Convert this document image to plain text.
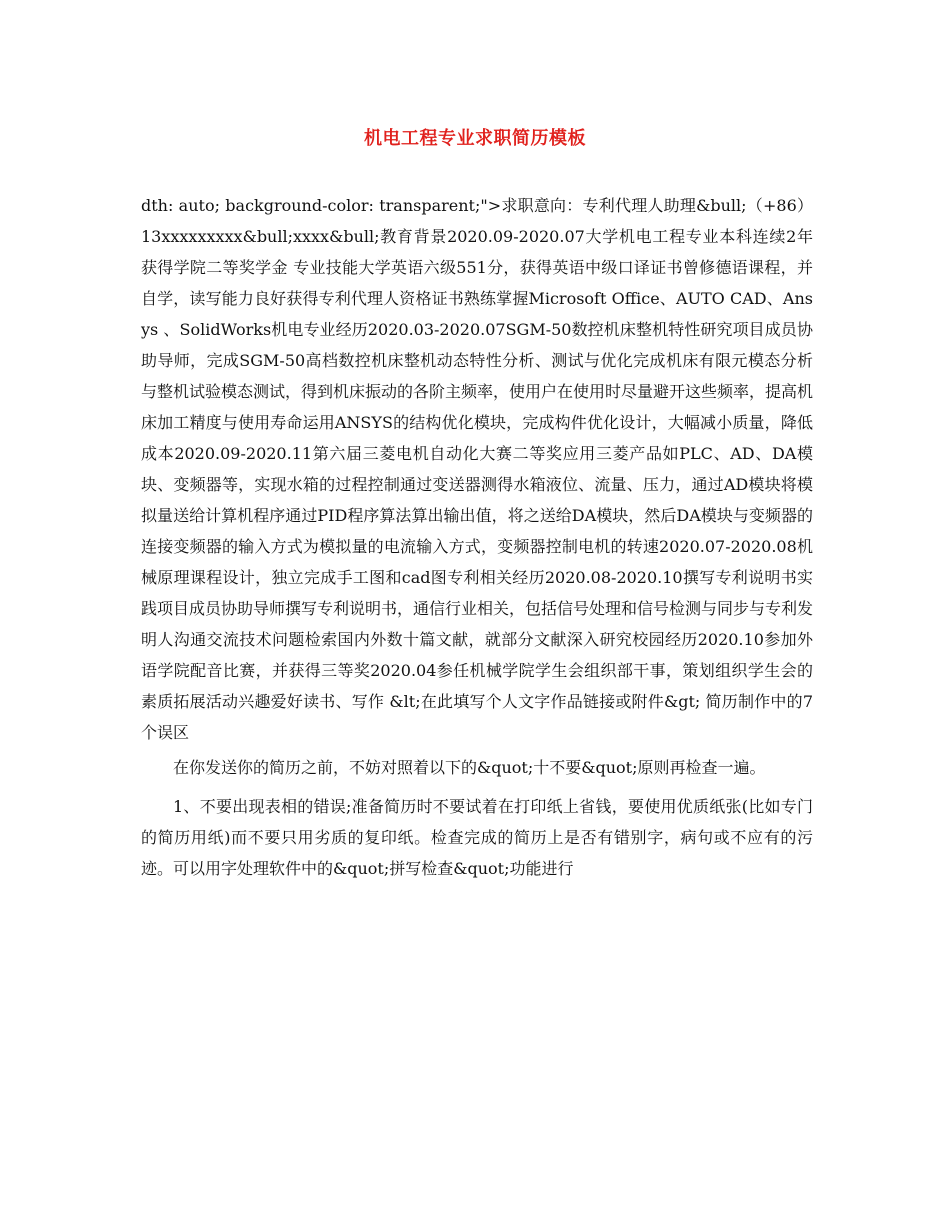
机电工程专业求职简历模板

dth: auto; background-color: transparent;">求职意向：专利代理人助理&bull;（+86）13xxxxxxxxx&bull;xxxx&bull;教育背景2020.09-2020.07大学机电工程专业本科连续2年获得学院二等奖学金 专业技能大学英语六级551分，获得英语中级口译证书曾修德语课程，并自学，读写能力良好获得专利代理人资格证书熟练掌握Microsoft Office、AUTO CAD、Ansys 、SolidWorks机电专业经历2020.03-2020.07SGM-50数控机床整机特性研究项目成员协助导师，完成SGM-50高档数控机床整机动态特性分析、测试与优化完成机床有限元模态分析与整机试验模态测试，得到机床振动的各阶主频率，使用户在使用时尽量避开这些频率，提高机床加工精度与使用寿命运用ANSYS的结构优化模块，完成构件优化设计，大幅减小质量，降低成本2020.09-2020.11第六届三菱电机自动化大赛二等奖应用三菱产品如PLC、AD、DA模块、变频器等，实现水箱的过程控制通过变送器测得水箱液位、流量、压力，通过AD模块将模拟量送给计算机程序通过PID程序算法算出输出值，将之送给DA模块，然后DA模块与变频器的连接变频器的输入方式为模拟量的电流输入方式，变频器控制电机的转速2020.07-2020.08机械原理课程设计，独立完成手工图和cad图专利相关经历2020.08-2020.10撰写专利说明书实践项目成员协助导师撰写专利说明书，通信行业相关，包括信号处理和信号检测与同步与专利发明人沟通交流技术问题检索国内外数十篇文献，就部分文献深入研究校园经历2020.10参加外语学院配音比赛，并获得三等奖2020.04参任机械学院学生会组织部干事，策划组织学生会的素质拓展活动兴趣爱好读书、写作 &lt;在此填写个人文字作品链接或附件&gt; 简历制作中的7个误区

在你发送你的简历之前，不妨对照着以下的&quot;十不要&quot;原则再检查一遍。

1、不要出现表相的错误;准备简历时不要试着在打印纸上省钱，要使用优质纸张(比如专门的简历用纸)而不要只用劣质的复印纸。检查完成的简历上是否有错别字，病句或不应有的污迹。可以用字处理软件中的&quot;拼写检查&quot;功能进行
